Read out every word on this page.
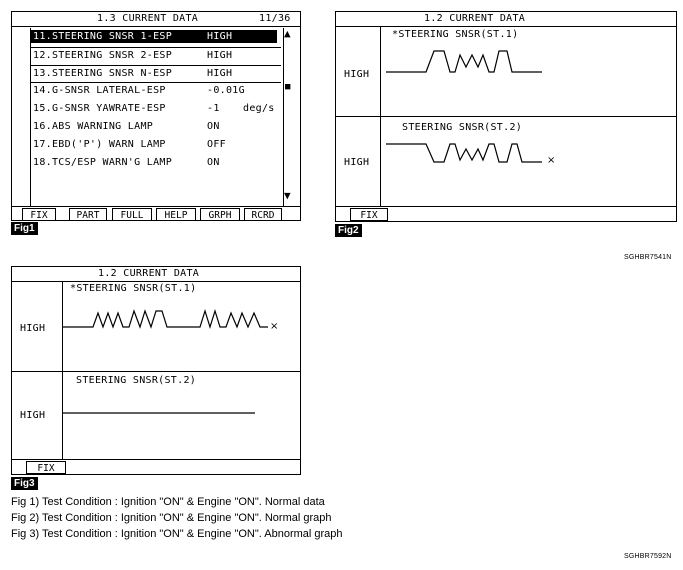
1.3 CURRENT DATA	11/36
11.STEERING SNSR 1-ESP	HIGH
12.STEERING SNSR 2-ESP	HIGH
13.STEERING SNSR N-ESP	HIGH
14.G-SNSR LATERAL-ESP	-0.01G
15.G-SNSR YAWRATE-ESP	-1 deg/s
16.ABS WARNING LAMP	ON
17.EBD('P') WARN LAMP	OFF
18.TCS/ESP WARN'G LAMP	ON
▲
■
▼
FIX	PART	FULL	HELP	GRPH	RCRD
Fig1
1.2 CURRENT DATA
*STEERING SNSR(ST.1)
HIGH
STEERING SNSR(ST.2)
HIGH	×
FIX
Fig2
SGHBR7541N
1.2 CURRENT DATA
*STEERING SNSR(ST.1)
HIGH	×
STEERING SNSR(ST.2)
HIGH
FIX
Fig3
Fig 1) Test Condition : Ignition "ON" & Engine "ON". Normal data
Fig 2) Test Condition : Ignition "ON" & Engine "ON". Normal graph
Fig 3) Test Condition : Ignition "ON" & Engine "ON". Abnormal graph
SGHBR7592N
